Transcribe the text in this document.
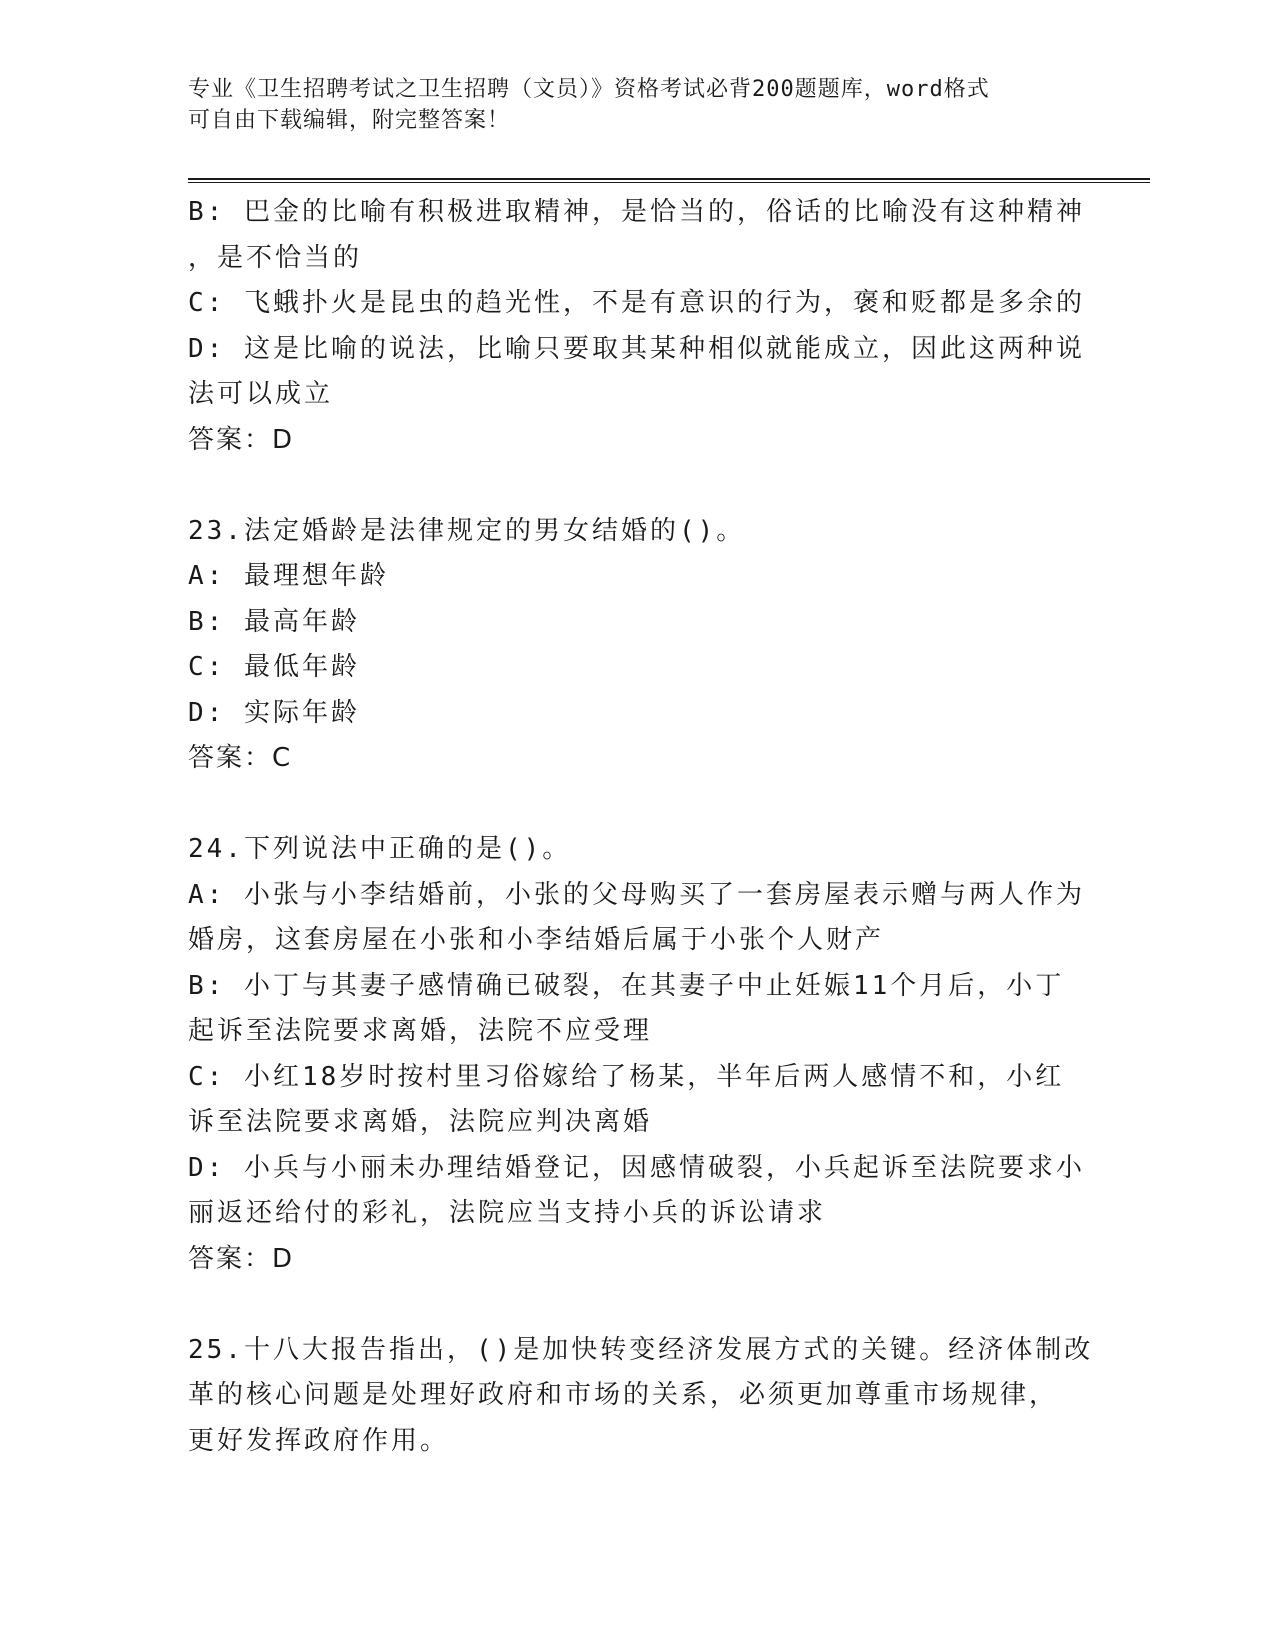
专业《卫生招聘考试之卫生招聘（文员）》资格考试必背200题题库，word格式
可自由下载编辑，附完整答案！
B: 巴金的比喻有积极进取精神，是恰当的，俗话的比喻没有这种精神
，是不恰当的
C: 飞蛾扑火是昆虫的趋光性，不是有意识的行为，褒和贬都是多余的
D: 这是比喻的说法，比喻只要取其某种相似就能成立，因此这两种说
法可以成立
答案：D
23.法定婚龄是法律规定的男女结婚的()。
A: 最理想年龄
B: 最高年龄
C: 最低年龄
D: 实际年龄
答案：C
24.下列说法中正确的是()。
A: 小张与小李结婚前，小张的父母购买了一套房屋表示赠与两人作为
婚房，这套房屋在小张和小李结婚后属于小张个人财产
B: 小丁与其妻子感情确已破裂，在其妻子中止妊娠11个月后，小丁
起诉至法院要求离婚，法院不应受理
C: 小红18岁时按村里习俗嫁给了杨某，半年后两人感情不和，小红
诉至法院要求离婚，法院应判决离婚
D: 小兵与小丽未办理结婚登记，因感情破裂，小兵起诉至法院要求小
丽返还给付的彩礼，法院应当支持小兵的诉讼请求
答案：D
25.十八大报告指出，()是加快转变经济发展方式的关键。经济体制改
革的核心问题是处理好政府和市场的关系，必须更加尊重市场规律，
更好发挥政府作用。
